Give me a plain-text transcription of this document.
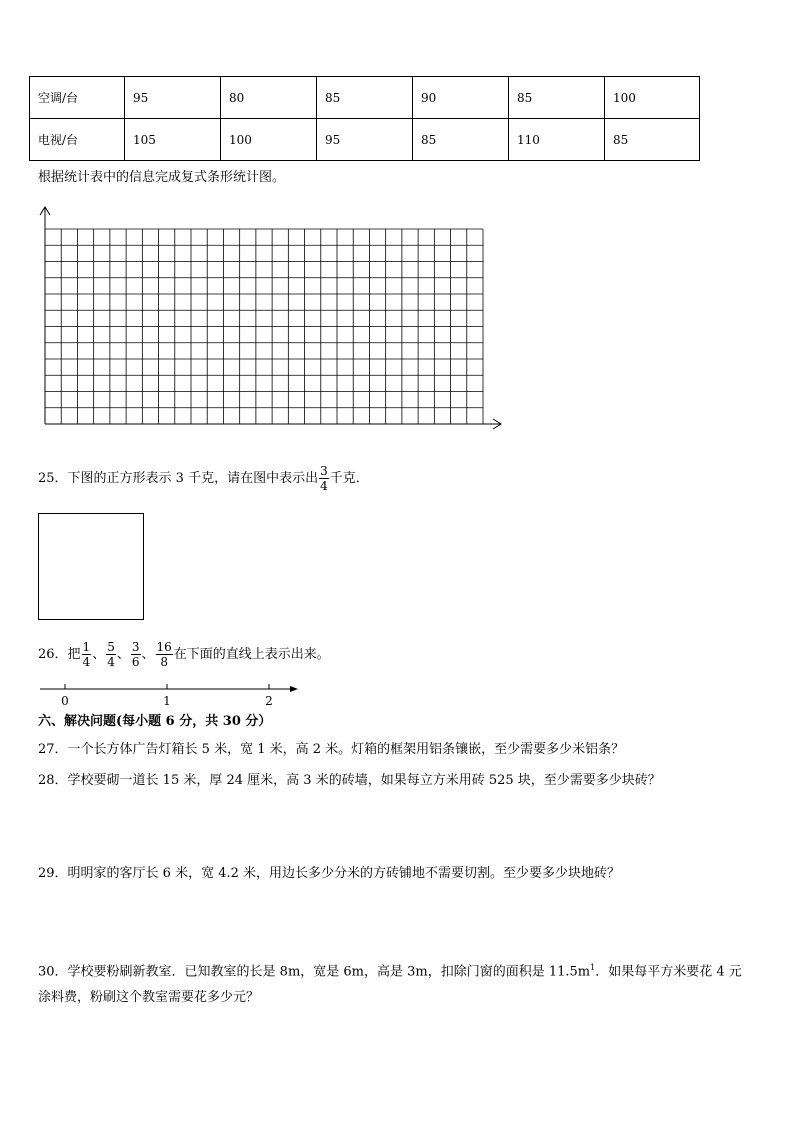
空调/台	95	80	85	90	85	100
电视/台	105	100	95	85	110	85
根据统计表中的信息完成复式条形统计图。
25．下图的正方形表示 3 千克，请在图中表示出 $\frac{3}{4}$ 千克．
26．把 $\frac{1}{4}$ 、 $\frac{5}{4}$ 、 $\frac{3}{6}$ 、 $\frac{16}{8}$ 在下面的直线上表示出来。
0	1	2
六、解决问题(每小题 6 分，共 30 分）
27．一个长方体广告灯箱长 5 米，宽 1 米，高 2 米。灯箱的框架用铝条镶嵌，至少需要多少米铝条？
28．学校要砌一道长 15 米，厚 24 厘米，高 3 米的砖墙，如果每立方米用砖 525 块，至少需要多少块砖？
29．明明家的客厅长 6 米，宽 4.2 米，用边长多少分米的方砖铺地不需要切割。至少要多少块地砖？
30．学校要粉刷新教室．已知教室的长是 8m，宽是 6m，高是 3m，扣除门窗的面积是 $11.5m^1$．如果每平方米要花 4 元
涂料费，粉刷这个教室需要花多少元？
